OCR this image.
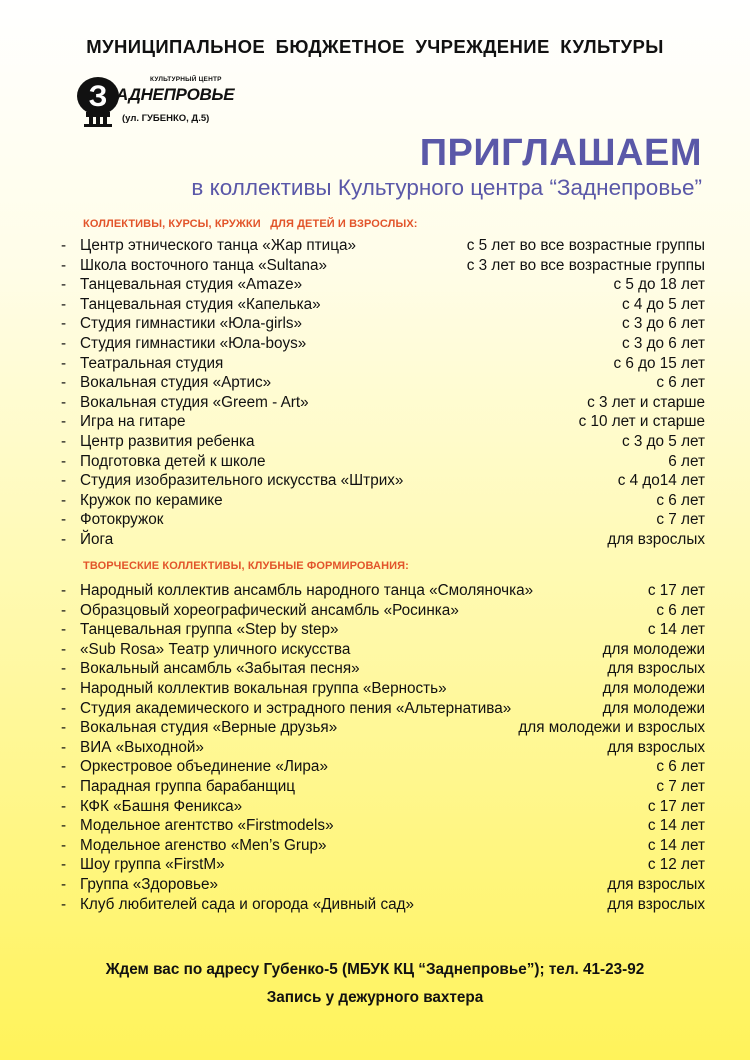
МУНИЦИПАЛЬНОЕ БЮДЖЕТНОЕ УЧРЕЖДЕНИЕ КУЛЬТУРЫ
З
КУЛЬТУРНЫЙ ЦЕНТР
АДНЕПРОВЬЕ
(ул. ГУБЕНКО, Д.5)
ПРИГЛАШАЕМ
в коллективы Культурного центра “Заднепровье”
КОЛЛЕКТИВЫ, КУРСЫ, КРУЖКИ   ДЛЯ ДЕТЕЙ И ВЗРОСЛЫХ:
- Центр этнического танца «Жар птица»	с 5 лет во все возрастные группы
- Школа восточного танца «Sultana»	с 3 лет во все возрастные группы
- Танцевальная студия «Amaze»	с 5 до 18 лет
- Танцевальная студия «Капелька»	с 4 до 5 лет
- Студия гимнастики «Юла-girls»	с 3 до 6 лет
- Студия гимнастики «Юла-boys»	с 3 до 6 лет
- Театральная студия	с 6 до 15 лет
- Вокальная студия «Артис»	с 6 лет
- Вокальная студия «Greem - Art»	с 3 лет и старше
- Игра на гитаре	с 10 лет и старше
- Центр развития ребенка	с 3 до 5 лет
- Подготовка детей к школе	6 лет
- Студия изобразительного искусства «Штрих»	с 4 до14 лет
- Кружок по керамике	с 6 лет
- Фотокружок	с 7 лет
- Йога	для взрослых
ТВОРЧЕСКИЕ КОЛЛЕКТИВЫ, КЛУБНЫЕ ФОРМИРОВАНИЯ:
- Народный коллектив ансамбль народного танца «Смоляночка»	с 17 лет
- Образцовый хореографический ансамбль «Росинка»	с 6 лет
- Танцевальная группа «Step by step»	с 14 лет
- «Sub Rosa» Театр уличного искусства	для молодежи
- Вокальный ансамбль «Забытая песня»	для взрослых
- Народный коллектив вокальная группа «Верность»	для молодежи
- Студия академического и эстрадного пения «Альтернатива»	для молодежи
- Вокальная студия «Верные друзья»	для молодежи и взрослых
- ВИА «Выходной»	для взрослых
- Оркестровое объединение «Лира»	с 6 лет
- Парадная группа барабанщиц	с 7 лет
- КФК «Башня Феникса»	с 17 лет
- Модельное агентство «Firstmodels»	с 14 лет
- Модельное агенство «Men’s Grup»	с 14 лет
- Шоу группа «FirstM»	с 12 лет
- Группа «Здоровье»	для взрослых
- Клуб любителей сада и огорода «Дивный сад»	для взрослых
Ждем вас по адресу Губенко-5 (МБУК КЦ “Заднепровье”); тел. 41-23-92
Запись у дежурного вахтера
